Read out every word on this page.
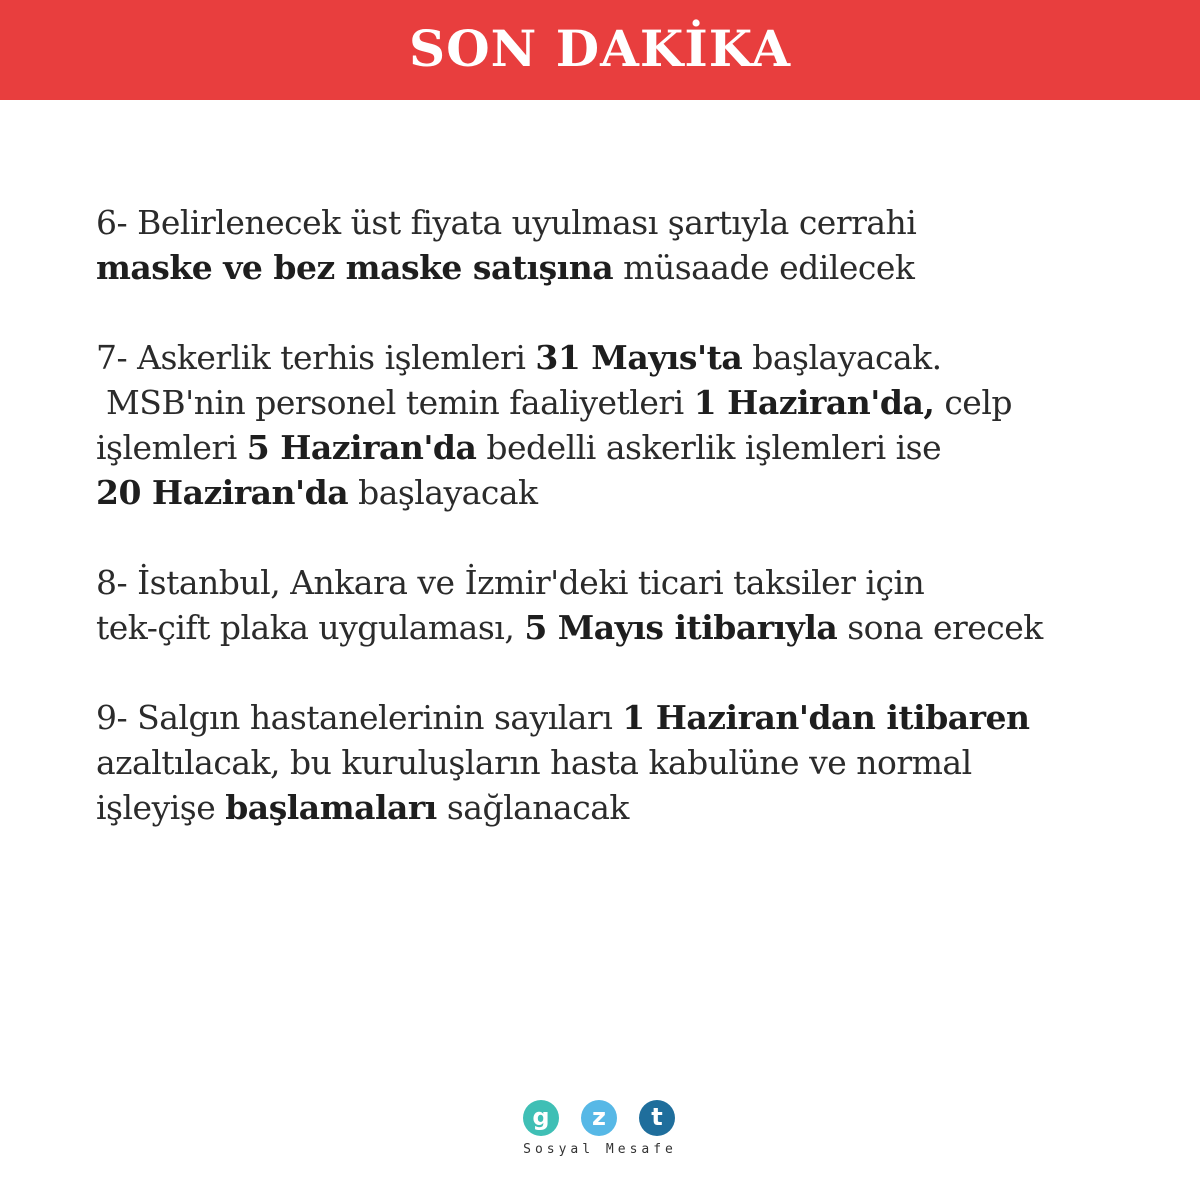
SON DAKİKA

6- Belirlenecek üst fiyata uyulması şartıyla cerrahi
maske ve bez maske satışına müsaade edilecek

7- Askerlik terhis işlemleri 31 Mayıs'ta başlayacak.
MSB'nin personel temin faaliyetleri 1 Haziran'da, celp
işlemleri 5 Haziran'da bedelli askerlik işlemleri ise
20 Haziran'da başlayacak

8- İstanbul, Ankara ve İzmir'deki ticari taksiler için
tek-çift plaka uygulaması, 5 Mayıs itibarıyla sona erecek

9- Salgın hastanelerinin sayıları 1 Haziran'dan itibaren
azaltılacak, bu kuruluşların hasta kabulüne ve normal
işleyişe başlamaları sağlanacak

g	z	t
Sosyal Mesafe
